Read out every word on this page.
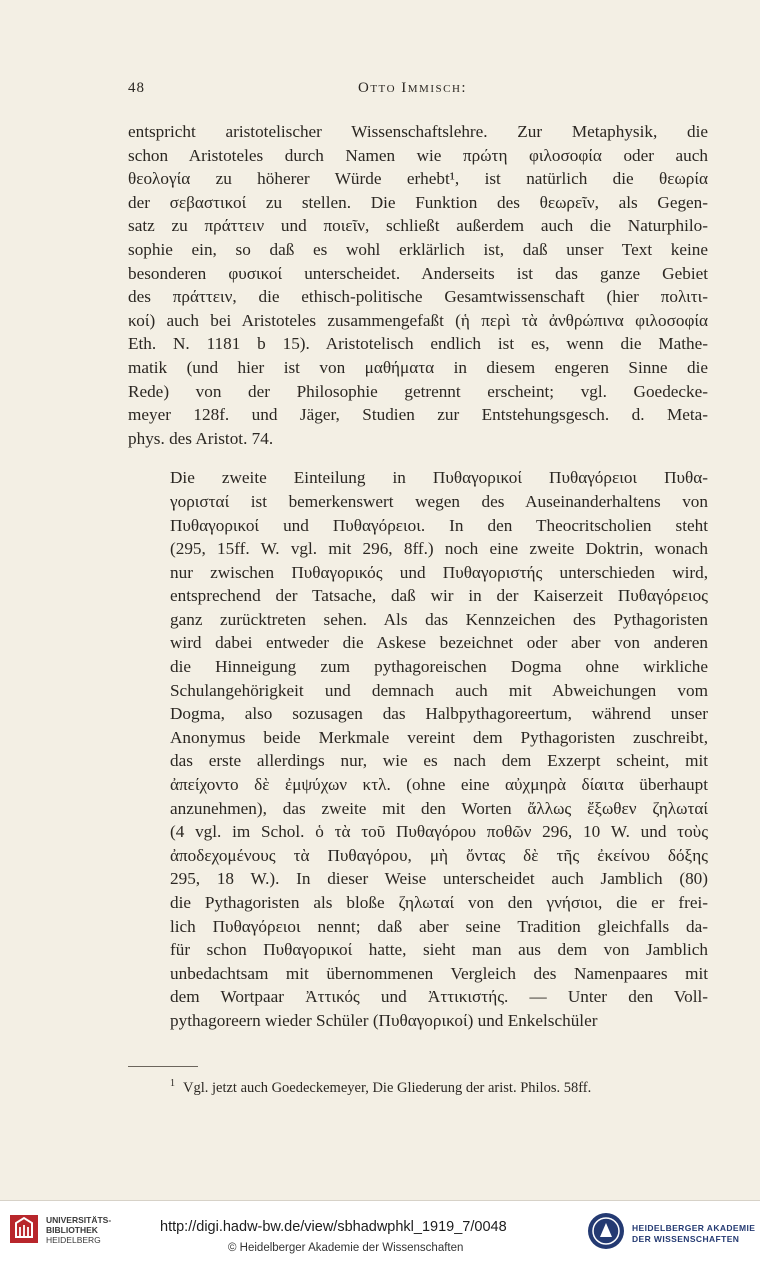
48	Otto Immisch:

entspricht aristotelischer Wissenschaftslehre. Zur Metaphysik, die
schon Aristoteles durch Namen wie πρώτη φιλοσοφία oder auch
θεολογία zu höherer Würde erhebt¹, ist natürlich die θεωρία
der σεβαστικοί zu stellen. Die Funktion des θεωρεῖν, als Gegen-
satz zu πράττειν und ποιεῖν, schließt außerdem auch die Naturphilo-
sophie ein, so daß es wohl erklärlich ist, daß unser Text keine
besonderen φυσικοί unterscheidet. Anderseits ist das ganze Gebiet
des πράττειν, die ethisch-politische Gesamtwissenschaft (hier πολιτι-
κοί) auch bei Aristoteles zusammengefaßt (ἡ περὶ τὰ ἀνθρώπινα φιλοσοφία
Eth. N. 1181 b 15). Aristotelisch endlich ist es, wenn die Mathe-
matik (und hier ist von μαθήματα in diesem engeren Sinne die
Rede) von der Philosophie getrennt erscheint; vgl. Goedecke-
meyer 128f. und Jäger, Studien zur Entstehungsgesch. d. Meta-
phys. des Aristot. 74.

Die zweite Einteilung in Πυθαγορικοί Πυθαγόρειοι Πυθα-
γορισταί ist bemerkenswert wegen des Auseinanderhaltens von
Πυθαγορικοί und Πυθαγόρειοι. In den Theocritscholien steht
(295, 15ff. W. vgl. mit 296, 8ff.) noch eine zweite Doktrin, wonach
nur zwischen Πυθαγορικός und Πυθαγοριστής unterschieden wird,
entsprechend der Tatsache, daß wir in der Kaiserzeit Πυθαγόρειος
ganz zurücktreten sehen. Als das Kennzeichen des Pythagoristen
wird dabei entweder die Askese bezeichnet oder aber von anderen
die Hinneigung zum pythagoreischen Dogma ohne wirkliche
Schulangehörigkeit und demnach auch mit Abweichungen vom
Dogma, also sozusagen das Halbpythagoreertum, während unser
Anonymus beide Merkmale vereint dem Pythagoristen zuschreibt,
das erste allerdings nur, wie es nach dem Exzerpt scheint, mit
ἀπείχοντο δὲ ἐμψύχων κτλ. (ohne eine αὐχμηρὰ δίαιτα überhaupt
anzunehmen), das zweite mit den Worten ἄλλως ἔξωθεν ζηλωταί
(4 vgl. im Schol. ὁ τὰ τοῦ Πυθαγόρου ποθῶν 296, 10 W. und τοὺς
ἀποδεχομένους τὰ Πυθαγόρου, μὴ ὄντας δὲ τῆς ἐκείνου δόξης
295, 18 W.). In dieser Weise unterscheidet auch Jamblich (80)
die Pythagoristen als bloße ζηλωταί von den γνήσιοι, die er frei-
lich Πυθαγόρειοι nennt; daß aber seine Tradition gleichfalls da-
für schon Πυθαγορικοί hatte, sieht man aus dem von Jamblich
unbedachtsam mit übernommenen Vergleich des Namenpaares mit
dem Wortpaar Ἀττικός und Ἀττικιστής. — Unter den Voll-
pythagoreern wieder Schüler (Πυθαγορικοί) und Enkelschüler

$^1$ Vgl. jetzt auch Goedeckemeyer, Die Gliederung der arist. Philos. 58ff.
UNIVERSITÄTS-
BIBLIOTHEK
HEIDELBERG
http://digi.hadw-bw.de/view/sbhadwphkl_1919_7/0048
© Heidelberger Akademie der Wissenschaften
HEIDELBERGER AKADEMIE
DER WISSENSCHAFTEN
